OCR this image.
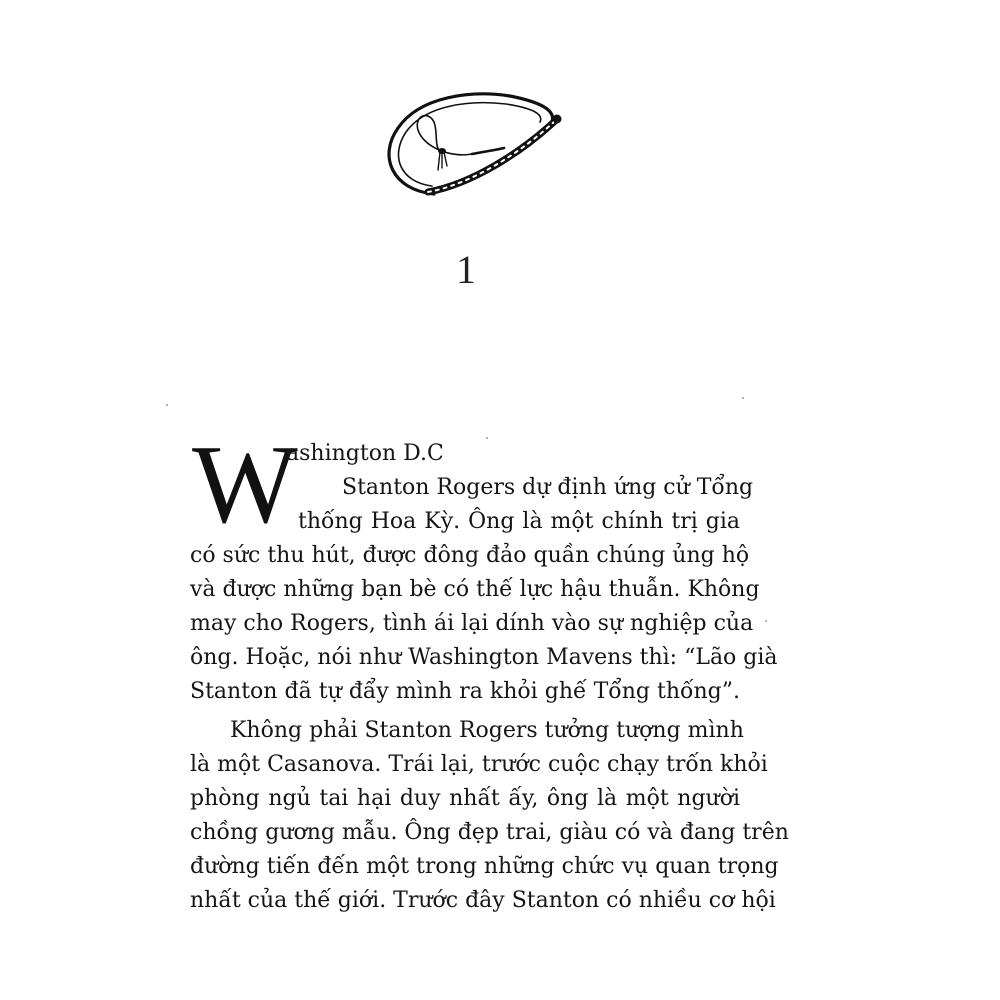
1
W
ashington D.C
Stanton Rogers dự định ứng cử Tổng
thống Hoa Kỳ. Ông là một chính trị gia
có sức thu hút, được đông đảo quần chúng ủng hộ
và được những bạn bè có thế lực hậu thuẫn. Không
may cho Rogers, tình ái lại dính vào sự nghiệp của
ông. Hoặc, nói như Washington Mavens thì: “Lão già
Stanton đã tự đẩy mình ra khỏi ghế Tổng thống”.
Không phải Stanton Rogers tưởng tượng mình
là một Casanova. Trái lại, trước cuộc chạy trốn khỏi
phòng ngủ tai hại duy nhất ấy, ông là một người
chồng gương mẫu. Ông đẹp trai, giàu có và đang trên
đường tiến đến một trong những chức vụ quan trọng
nhất của thế giới. Trước đây Stanton có nhiều cơ hội
